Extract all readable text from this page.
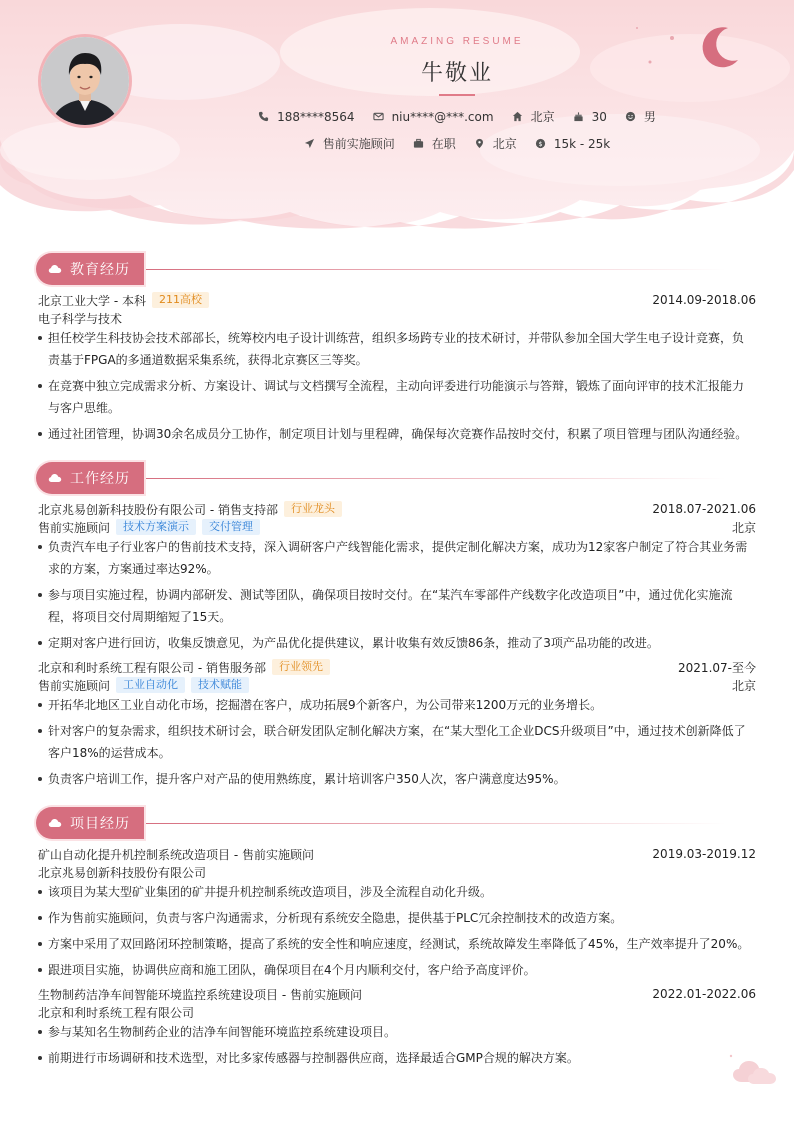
AMAZING RESUME
牛敬业
188****8564	niu****@***.com	北京	30	男
售前实施顾问	在职	北京	$ 15k - 25k
教育经历
北京工业大学 - 本科	211高校	2014.09-2018.06
电子科学与技术
担任校学生科技协会技术部部长，统筹校内电子设计训练营，组织多场跨专业的技术研讨，并带队参加全国大学生电子设计竞赛，负责基于FPGA的多通道数据采集系统，获得北京赛区三等奖。
在竞赛中独立完成需求分析、方案设计、调试与文档撰写全流程，主动向评委进行功能演示与答辩，锻炼了面向评审的技术汇报能力与客户思维。
通过社团管理，协调30余名成员分工协作，制定项目计划与里程碑，确保每次竞赛作品按时交付，积累了项目管理与团队沟通经验。
工作经历
北京兆易创新科技股份有限公司 - 销售支持部	行业龙头	2018.07-2021.06
售前实施顾问	技术方案演示	交付管理	北京
负责汽车电子行业客户的售前技术支持，深入调研客户产线智能化需求，提供定制化解决方案，成功为12家客户制定了符合其业务需求的方案，方案通过率达92%。
参与项目实施过程，协调内部研发、测试等团队，确保项目按时交付。在“某汽车零部件产线数字化改造项目”中，通过优化实施流程，将项目交付周期缩短了15天。
定期对客户进行回访，收集反馈意见，为产品优化提供建议，累计收集有效反馈86条，推动了3项产品功能的改进。
北京和利时系统工程有限公司 - 销售服务部	行业领先	2021.07-至今
售前实施顾问	工业自动化	技术赋能	北京
开拓华北地区工业自动化市场，挖掘潜在客户，成功拓展9个新客户，为公司带来1200万元的业务增长。
针对客户的复杂需求，组织技术研讨会，联合研发团队定制化解决方案，在“某大型化工企业DCS升级项目”中，通过技术创新降低了客户18%的运营成本。
负责客户培训工作，提升客户对产品的使用熟练度，累计培训客户350人次，客户满意度达95%。
项目经历
矿山自动化提升机控制系统改造项目 - 售前实施顾问	2019.03-2019.12
北京兆易创新科技股份有限公司
该项目为某大型矿业集团的矿井提升机控制系统改造项目，涉及全流程自动化升级。
作为售前实施顾问，负责与客户沟通需求，分析现有系统安全隐患，提供基于PLC冗余控制技术的改造方案。
方案中采用了双回路闭环控制策略，提高了系统的安全性和响应速度，经测试，系统故障发生率降低了45%，生产效率提升了20%。
跟进项目实施，协调供应商和施工团队，确保项目在4个月内顺利交付，客户给予高度评价。
生物制药洁净车间智能环境监控系统建设项目 - 售前实施顾问	2022.01-2022.06
北京和利时系统工程有限公司
参与某知名生物制药企业的洁净车间智能环境监控系统建设项目。
前期进行市场调研和技术选型，对比多家传感器与控制器供应商，选择最适合GMP合规的解决方案。
